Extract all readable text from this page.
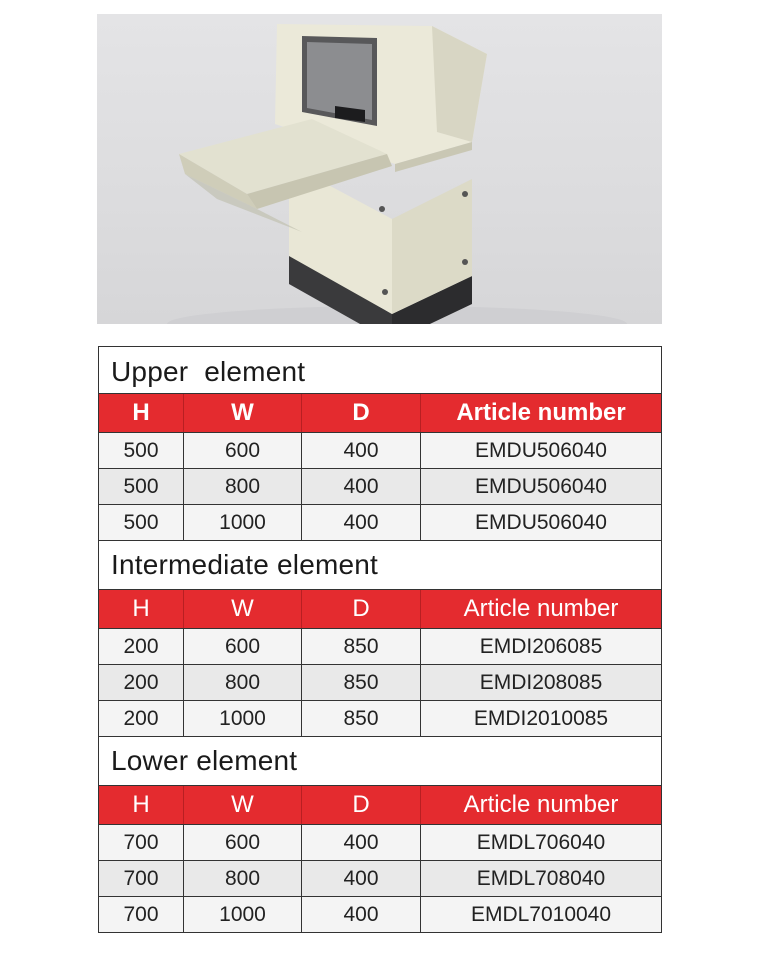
Upper  element
H	W	D	Article number
500	600	400	EMDU506040
500	800	400	EMDU506040
500	1000	400	EMDU506040
Intermediate element
H	W	D	Article number
200	600	850	EMDI206085
200	800	850	EMDI208085
200	1000	850	EMDI2010085
Lower element
H	W	D	Article number
700	600	400	EMDL706040
700	800	400	EMDL708040
700	1000	400	EMDL7010040
